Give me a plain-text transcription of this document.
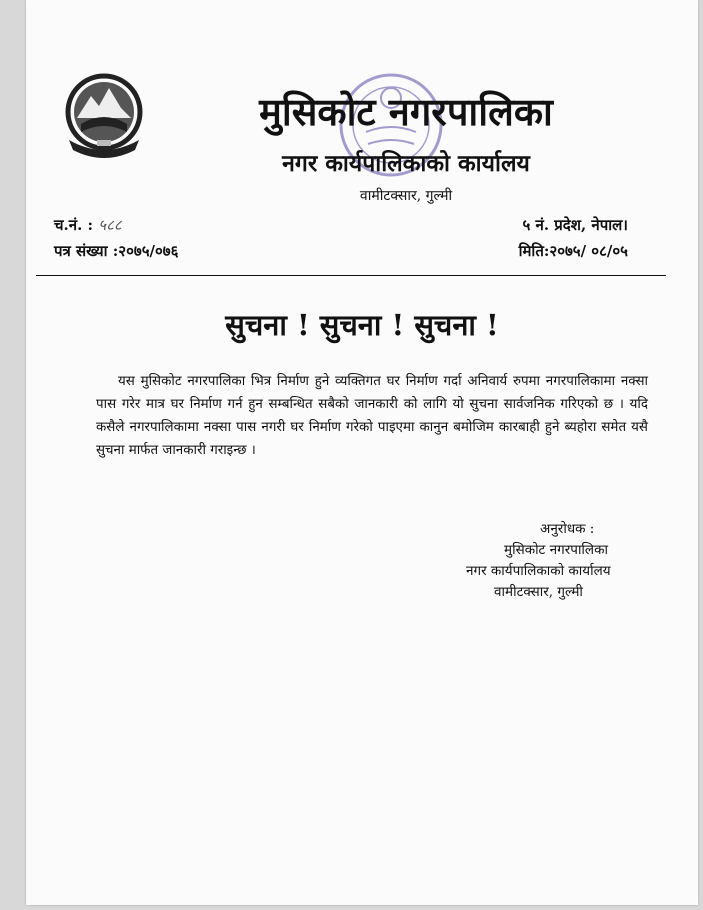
मुसिकोट नगरपालिका
नगर कार्यपालिकाको कार्यालय

वामीटक्सार, गुल्मी

च.नं. : ५८८
पत्र संख्या :२०७५/०७६
५ नं. प्रदेश, नेपाल।
मिति:२०७५/ ०८/०५
सुचना ! सुचना ! सुचना !

यस मुसिकोट नगरपालिका भित्र निर्माण हुने व्यक्तिगत घर निर्माण गर्दा अनिवार्य रुपमा नगरपालिकामा नक्सा पास गरेर मात्र घर निर्माण गर्न हुन सम्बन्धित सबैको जानकारी को लागि यो सुचना सार्वजनिक गरिएको छ । यदि कसैले नगरपालिकामा नक्सा पास नगरी घर निर्माण गरेको पाइएमा कानुन बमोजिम कारबाही हुने ब्यहोरा समेत यसै सुचना मार्फत जानकारी गराइन्छ ।

अनुरोधक :
मुसिकोट नगरपालिका
नगर कार्यपालिकाको कार्यालय
वामीटक्सार, गुल्मी
